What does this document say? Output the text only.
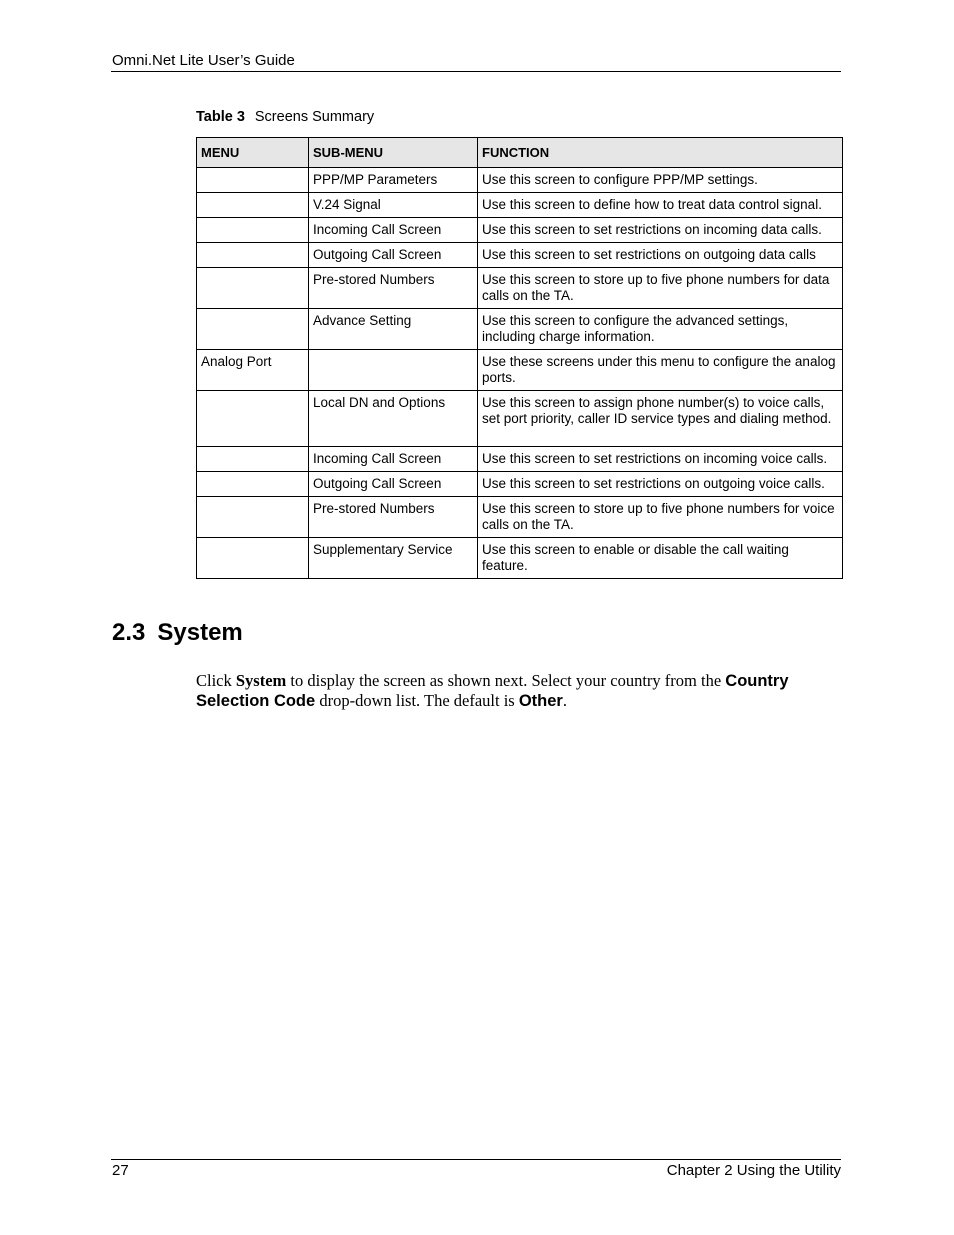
Omni.Net Lite User’s Guide
Table 3 Screens Summary
MENU	SUB-MENU	FUNCTION
	PPP/MP Parameters	Use this screen to configure PPP/MP settings.
	V.24 Signal	Use this screen to define how to treat data control signal.
	Incoming Call Screen	Use this screen to set restrictions on incoming data calls.
	Outgoing Call Screen	Use this screen to set restrictions on outgoing data calls
	Pre-stored Numbers	Use this screen to store up to five phone numbers for data calls on the TA.
	Advance Setting	Use this screen to configure the advanced settings, including charge information.
Analog Port		Use these screens under this menu to configure the analog ports.
	Local DN and Options	Use this screen to assign phone number(s) to voice calls, set port priority, caller ID service types and dialing method.
	Incoming Call Screen	Use this screen to set restrictions on incoming voice calls.
	Outgoing Call Screen	Use this screen to set restrictions on outgoing voice calls.
	Pre-stored Numbers	Use this screen to store up to five phone numbers for voice calls on the TA.
	Supplementary Service	Use this screen to enable or disable the call waiting feature.
2.3 System

Click System to display the screen as shown next. Select your country from the Country Selection Code drop-down list. The default is Other.

27	Chapter 2 Using the Utility
